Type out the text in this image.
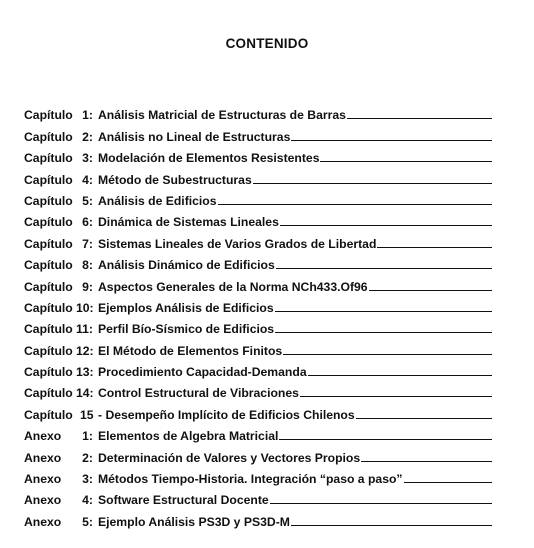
CONTENIDO
Capítulo 1: Análisis Matricial de Estructuras de Barras
Capítulo 2: Análisis no Lineal de Estructuras
Capítulo 3: Modelación de Elementos Resistentes
Capítulo 4: Método de Subestructuras
Capítulo 5: Análisis de Edificios
Capítulo 6: Dinámica de Sistemas Lineales
Capítulo 7: Sistemas Lineales de Varios Grados de Libertad
Capítulo 8: Análisis Dinámico de Edificios
Capítulo 9: Aspectos Generales de la Norma NCh433.Of96
Capítulo 10: Ejemplos Análisis de Edificios
Capítulo 11: Perfil Bío-Sísmico de Edificios
Capítulo 12: El Método de Elementos Finitos
Capítulo 13: Procedimiento Capacidad-Demanda
Capítulo 14: Control Estructural de Vibraciones
Capítulo 15 - Desempeño Implícito de Edificios Chilenos
Anexo	1: Elementos de Algebra Matricial
Anexo	2: Determinación de Valores y Vectores Propios
Anexo	3: Métodos Tiempo-Historia. Integración “paso a paso”
Anexo	4: Software Estructural Docente
Anexo	5: Ejemplo Análisis PS3D y PS3D-M
